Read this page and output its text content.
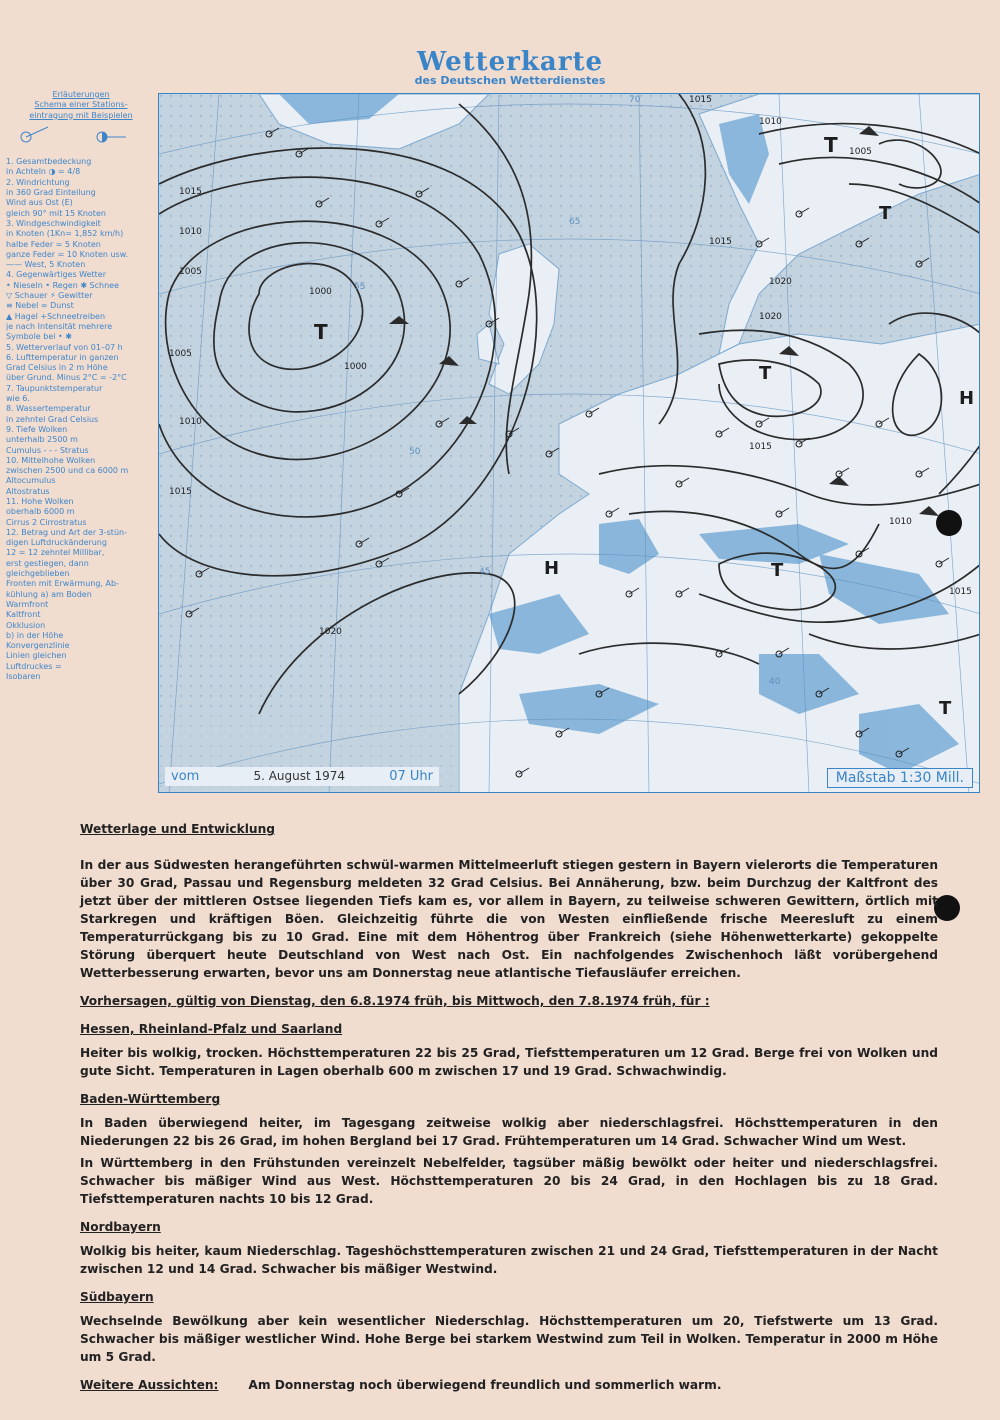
Wetterkarte
des Deutschen Wetterdienstes
Erläuterungen
Schema einer Stations-
eintragung mit Beispielen
1. Gesamtbedeckung
in Achteln ◑ = 4/8
2. Windrichtung
in 360 Grad Einteilung
Wind aus Ost (E)
gleich 90° mit 15 Knoten
3. Windgeschwindigkeit
in Knoten (1Kn= 1,852 km/h)
halbe Feder = 5 Knoten
ganze Feder = 10 Knoten usw.
—— West, 5 Knoten
4. Gegenwärtiges Wetter
• Nieseln • Regen ✱ Schnee
▽ Schauer ⚡ Gewitter
≡ Nebel ∞ Dunst
▲ Hagel +Schneetreiben
je nach Intensität mehrere
Symbole bei • ✱
5. Wetterverlauf von 01–07 h
6. Lufttemperatur in ganzen
Grad Celsius in 2 m Höhe
über Grund. Minus 2°C = -2°C
7. Taupunktstemperatur
wie 6.
8. Wassertemperatur
in zehntel Grad Celsius
9. Tiefe Wolken
unterhalb 2500 m
Cumulus - - - Stratus
10. Mittelhohe Wolken
zwischen 2500 und ca 6000 m
Altocumulus
Altostratus
11. Hohe Wolken
oberhalb 6000 m
Cirrus 2 Cirrostratus
12. Betrag und Art der 3-stün-
digen Luftdruckänderung
12 = 12 zehntel Millibar,
erst gestiegen, dann
gleichgeblieben
Fronten mit Erwärmung, Ab-
kühlung a) am Boden
Warmfront
Kaltfront
Okklusion
b) in der Höhe
Konvergenzlinie
Linien gleichen
Luftdruckes =
Isobaren
T
T
T
T
H
H
T
T
1015
1010
1005
1000
1005
1000
1010
1015
1020
1015
1010
1005
1015
1020
1015
1020
1015
1010
70
65
55
50
45
40
vom	5. August 1974	07 Uhr	Maßstab 1:30 Mill.
Wetterlage und Entwicklung

In der aus Südwesten herangeführten schwül-warmen Mittelmeerluft stiegen gestern in Bayern vielerorts die Temperaturen über 30 Grad, Passau und Regensburg meldeten 32 Grad Celsius. Bei Annäherung, bzw. beim Durchzug der Kaltfront des jetzt über der mittleren Ostsee liegenden Tiefs kam es, vor allem in Bayern, zu teilweise schweren Gewittern, örtlich mit Starkregen und kräftigen Böen. Gleichzeitig führte die von Westen einfließende frische Meeresluft zu einem Temperaturrückgang bis zu 10 Grad. Eine mit dem Höhentrog über Frankreich (siehe Höhenwetterkarte) gekoppelte Störung überquert heute Deutschland von West nach Ost. Ein nachfolgendes Zwischenhoch läßt vorübergehend Wetterbesserung erwarten, bevor uns am Donnerstag neue atlantische Tiefausläufer erreichen.

Vorhersagen, gültig von Dienstag, den 6.8.1974 früh, bis Mittwoch, den 7.8.1974 früh, für :

Hessen, Rheinland-Pfalz und Saarland

Heiter bis wolkig, trocken. Höchsttemperaturen 22 bis 25 Grad, Tiefsttemperaturen um 12 Grad. Berge frei von Wolken und gute Sicht. Temperaturen in Lagen oberhalb 600 m zwischen 17 und 19 Grad. Schwachwindig.

Baden-Württemberg

In Baden überwiegend heiter, im Tagesgang zeitweise wolkig aber niederschlagsfrei. Höchsttemperaturen in den Niederungen 22 bis 26 Grad, im hohen Bergland bei 17 Grad. Frühtemperaturen um 14 Grad. Schwacher Wind um West.

In Württemberg in den Frühstunden vereinzelt Nebelfelder, tagsüber mäßig bewölkt oder heiter und niederschlagsfrei. Schwacher bis mäßiger Wind aus West. Höchsttemperaturen 20 bis 24 Grad, in den Hochlagen bis zu 18 Grad. Tiefsttemperaturen nachts 10 bis 12 Grad.

Nordbayern

Wolkig bis heiter, kaum Niederschlag. Tageshöchsttemperaturen zwischen 21 und 24 Grad, Tiefsttemperaturen in der Nacht zwischen 12 und 14 Grad. Schwacher bis mäßiger Westwind.

Südbayern

Wechselnde Bewölkung aber kein wesentlicher Niederschlag. Höchsttemperaturen um 20, Tiefstwerte um 13 Grad. Schwacher bis mäßiger westlicher Wind. Hohe Berge bei starkem Westwind zum Teil in Wolken. Temperatur in 2000 m Höhe um 5 Grad.

Weitere Aussichten: Am Donnerstag noch überwiegend freundlich und sommerlich warm.
